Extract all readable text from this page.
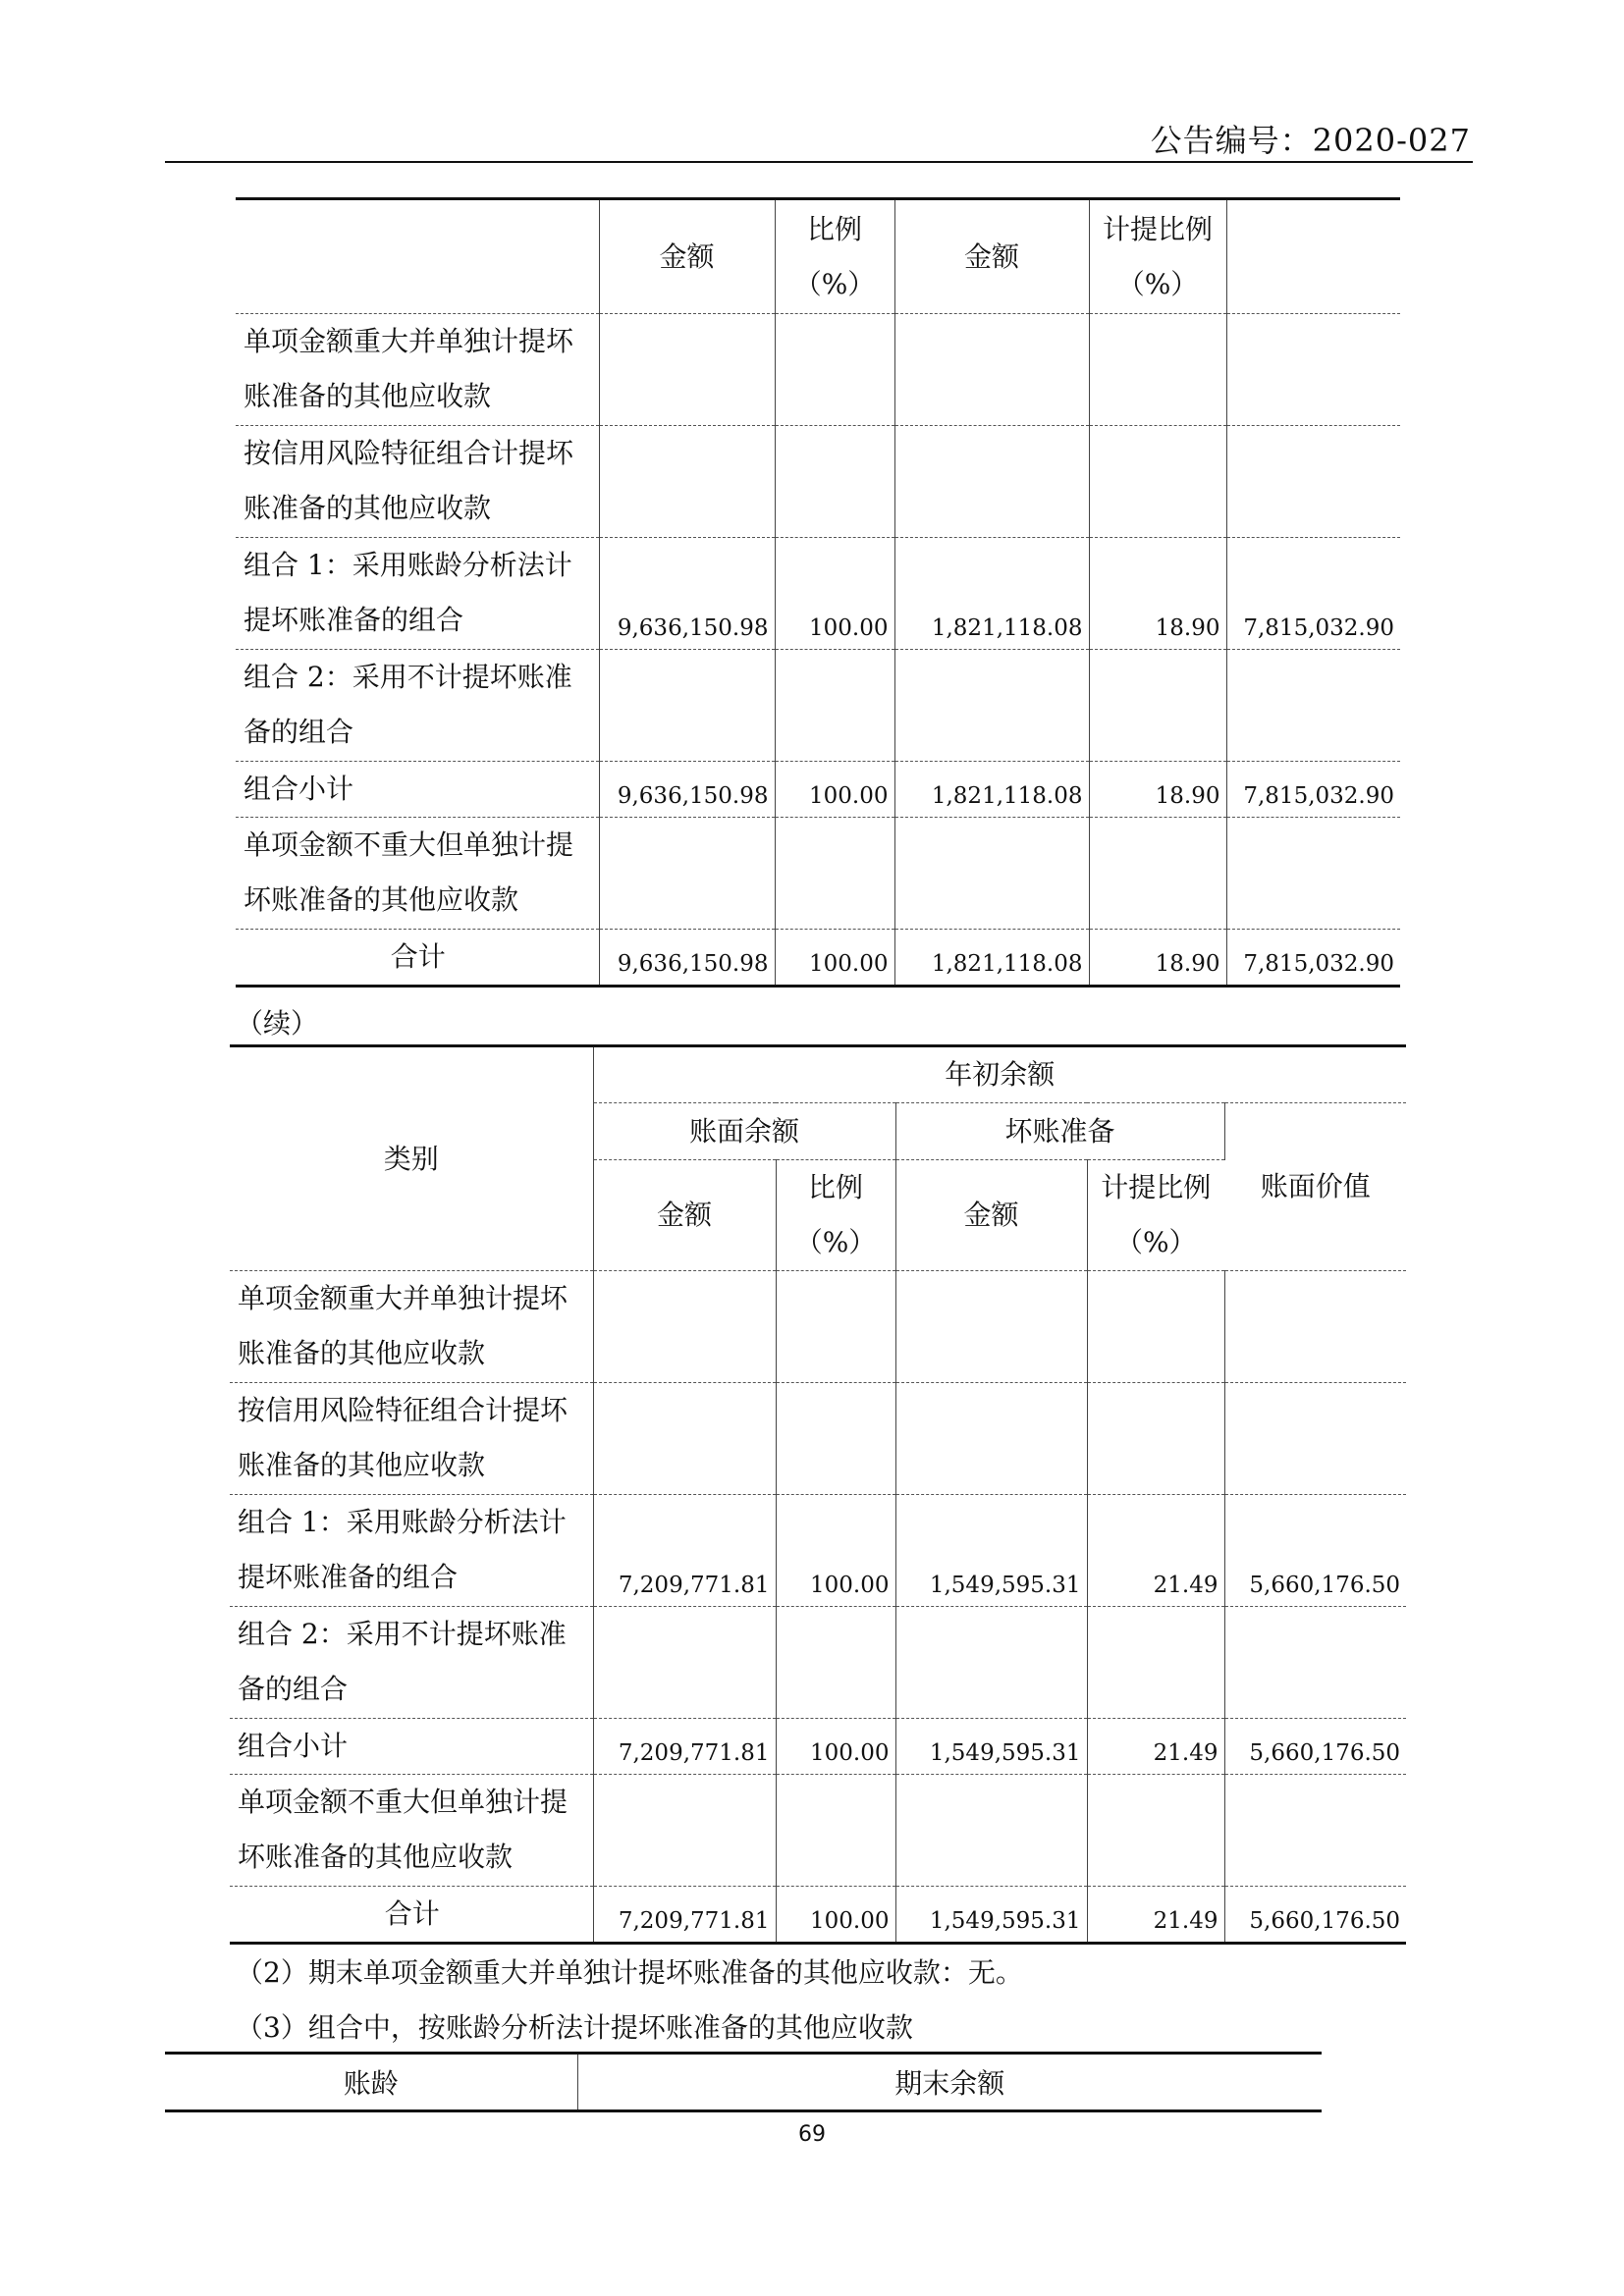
公告编号：2020-027
	金额	比例（%）	金额	计提比例
（%）	

单项金额重大并单独计提坏
账准备的其他应收款					

按信用风险特征组合计提坏
账准备的其他应收款					

组合 1：采用账龄分析法计
提坏账准备的组合	9,636,150.98	100.00	1,821,118.08	18.90	7,815,032.90

组合 2：采用不计提坏账准
备的组合					

组合小计	9,636,150.98	100.00	1,821,118.08	18.90	7,815,032.90

单项金额不重大但单独计提
坏账准备的其他应收款					

合计	9,636,150.98	100.00	1,821,118.08	18.90	7,815,032.90
（续）
类别	年初余额				
	账面余额		坏账准备		账面价值
	金额	比例（%）	金额	计提比例
（%）	

单项金额重大并单独计提坏
账准备的其他应收款					

按信用风险特征组合计提坏
账准备的其他应收款					

组合 1：采用账龄分析法计
提坏账准备的组合	7,209,771.81	100.00	1,549,595.31	21.49	5,660,176.50

组合 2：采用不计提坏账准
备的组合					

组合小计	7,209,771.81	100.00	1,549,595.31	21.49	5,660,176.50

单项金额不重大但单独计提
坏账准备的其他应收款					

合计	7,209,771.81	100.00	1,549,595.31	21.49	5,660,176.50
（2）期末单项金额重大并单独计提坏账准备的其他应收款：无。
（3）组合中，按账龄分析法计提坏账准备的其他应收款
账龄	期末余额
69
